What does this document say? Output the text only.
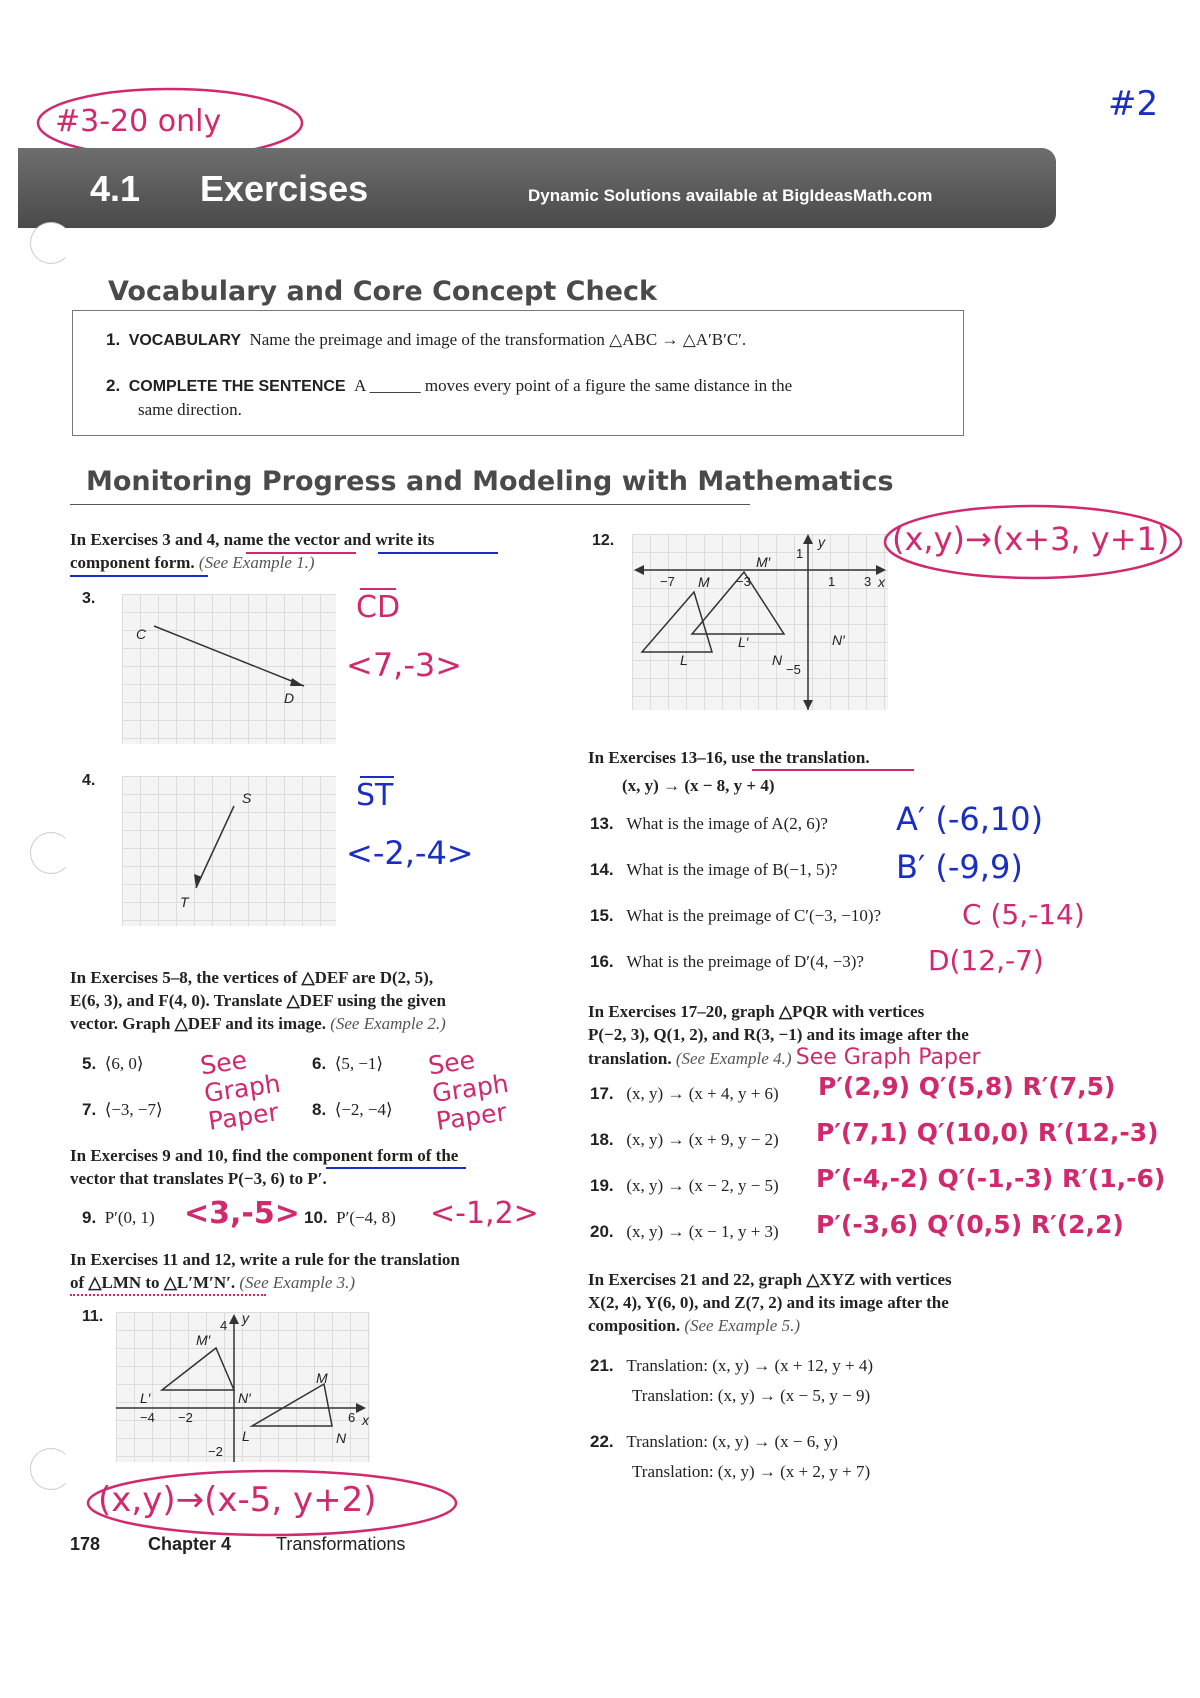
#3-20 only	#2
4.1 Exercises	Dynamic Solutions available at BigIdeasMath.com
Vocabulary and Core Concept Check
1. VOCABULARY Name the preimage and image of the transformation △ABC → △A′B′C′.
2. COMPLETE THE SENTENCE A ______ moves every point of a figure the same distance in the
same direction.
Monitoring Progress and Modeling with Mathematics
In Exercises 3 and 4, name the vector and write its
component form. (See Example 1.)
3.
C
D
CD
<7,-3>
4.
S
T
ST
<-2,-4>
In Exercises 5–8, the vertices of △DEF are D(2, 5),
E(6, 3), and F(4, 0). Translate △DEF using the given
vector. Graph △DEF and its image. (See Example 2.)
5. ⟨6, 0⟩	6. ⟨5, −1⟩
7. ⟨−3, −7⟩	8. ⟨−2, −4⟩
See Graph Paper
See Graph Paper
In Exercises 9 and 10, find the component form of the
vector that translates P(−3, 6) to P′.
9. P′(0, 1) <3,-5> 10. P′(−4, 8) <-1,2>
In Exercises 11 and 12, write a rule for the translation
of △LMN to △L′M′N′. (See Example 3.)
11.
M′
L′	N′
M
L	N
y
x
4
−4 −2	6
−2
(x,y)→(x-5, y+2)
12.
M′
M
L′
L
N′
N
y
x
1
−7	−3	1 3
−5
(x,y)→(x+3, y+1)
In Exercises 13–16, use the translation.
(x, y) → (x − 8, y + 4)
13. What is the image of A(2, 6)? A′ (-6,10)
14. What is the image of B(−1, 5)? B′ (-9,9)
15. What is the preimage of C′(−3, −10)?	C (5,-14)
16. What is the preimage of D′(4, −3)? D(12,-7)
In Exercises 17–20, graph △PQR with vertices
P(−2, 3), Q(1, 2), and R(3, −1) and its image after the
translation. (See Example 4.) See Graph Paper
17. (x, y) → (x + 4, y + 6) P′(2,9) Q′(5,8) R′(7,5)
18. (x, y) → (x + 9, y − 2) P′(7,1) Q′(10,0) R′(12,-3)
19. (x, y) → (x − 2, y − 5) P′(-4,-2) Q′(-1,-3) R′(1,-6)
20. (x, y) → (x − 1, y + 3) P′(-3,6) Q′(0,5) R′(2,2)
In Exercises 21 and 22, graph △XYZ with vertices
X(2, 4), Y(6, 0), and Z(7, 2) and its image after the
composition. (See Example 5.)
21. Translation: (x, y) → (x + 12, y + 4)
Translation: (x, y) → (x − 5, y − 9)
22. Translation: (x, y) → (x − 6, y)
Translation: (x, y) → (x + 2, y + 7)
178	Chapter 4 Transformations
